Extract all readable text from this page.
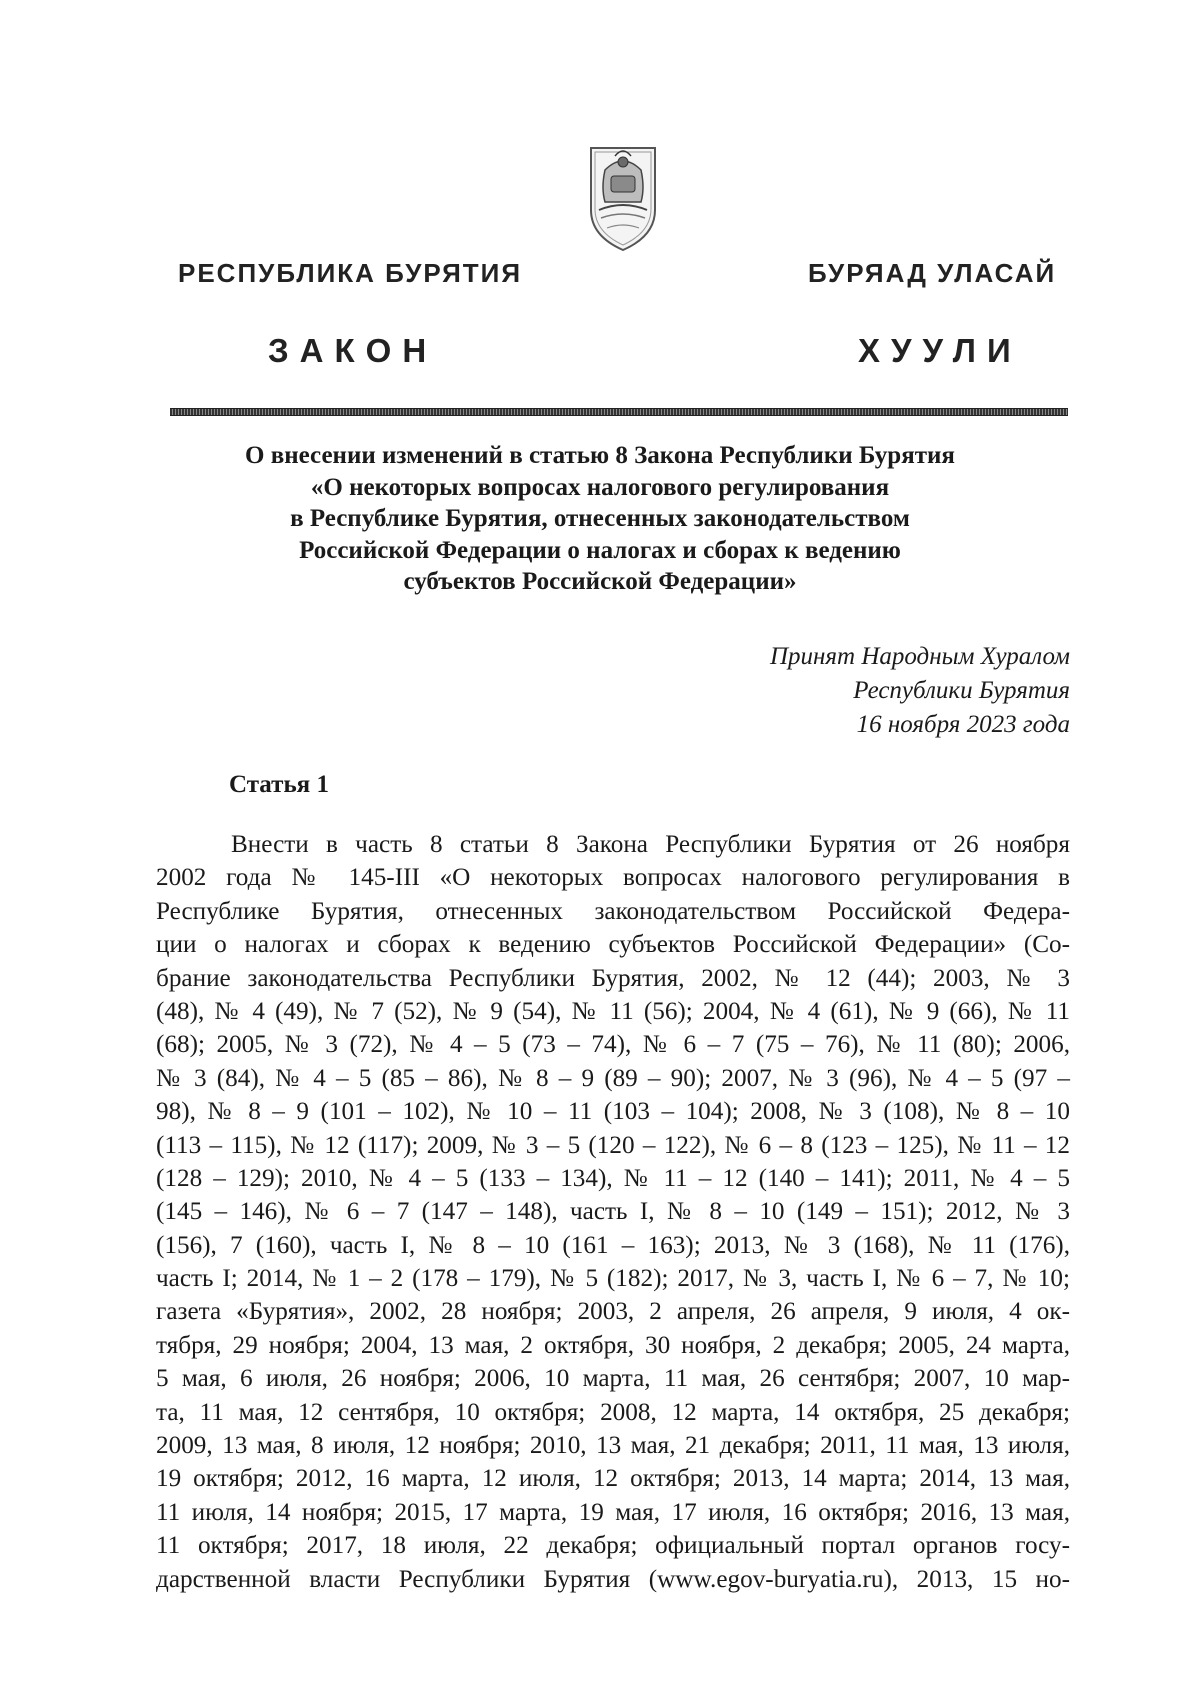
РЕСПУБЛИКА БУРЯТИЯ	БУРЯАД УЛАСАЙ
ЗАКОН	ХУУЛИ
О внесении изменений в статью 8 Закона Республики Бурятия
«О некоторых вопросах налогового регулирования
в Республике Бурятия, отнесенных законодательством
Российской Федерации о налогах и сборах к ведению
субъектов Российской Федерации»
Принят Народным Хуралом
Республики Бурятия
16 ноября 2023 года
Статья 1
Внести в часть 8 статьи 8 Закона Республики Бурятия от 26 ноября
2002 года № 145-III «О некоторых вопросах налогового регулирования в
Республике Бурятия, отнесенных законодательством Российской Федера-
ции о налогах и сборах к ведению субъектов Российской Федерации» (Со-
брание законодательства Республики Бурятия, 2002, № 12 (44); 2003, № 3
(48), № 4 (49), № 7 (52), № 9 (54), № 11 (56); 2004, № 4 (61), № 9 (66), № 11
(68); 2005, № 3 (72), № 4 – 5 (73 – 74), № 6 – 7 (75 – 76), № 11 (80); 2006,
№ 3 (84), № 4 – 5 (85 – 86), № 8 – 9 (89 – 90); 2007, № 3 (96), № 4 – 5 (97 –
98), № 8 – 9 (101 – 102), № 10 – 11 (103 – 104); 2008, № 3 (108), № 8 – 10
(113 – 115), № 12 (117); 2009, № 3 – 5 (120 – 122), № 6 – 8 (123 – 125), № 11 – 12
(128 – 129); 2010, № 4 – 5 (133 – 134), № 11 – 12 (140 – 141); 2011, № 4 – 5
(145 – 146), № 6 – 7 (147 – 148), часть I, № 8 – 10 (149 – 151); 2012, № 3
(156), 7 (160), часть I, № 8 – 10 (161 – 163); 2013, № 3 (168), № 11 (176),
часть I; 2014, № 1 – 2 (178 – 179), № 5 (182); 2017, № 3, часть I, № 6 – 7, № 10;
газета «Бурятия», 2002, 28 ноября; 2003, 2 апреля, 26 апреля, 9 июля, 4 ок-
тября, 29 ноября; 2004, 13 мая, 2 октября, 30 ноября, 2 декабря; 2005, 24 марта,
5 мая, 6 июля, 26 ноября; 2006, 10 марта, 11 мая, 26 сентября; 2007, 10 мар-
та, 11 мая, 12 сентября, 10 октября; 2008, 12 марта, 14 октября, 25 декабря;
2009, 13 мая, 8 июля, 12 ноября; 2010, 13 мая, 21 декабря; 2011, 11 мая, 13 июля,
19 октября; 2012, 16 марта, 12 июля, 12 октября; 2013, 14 марта; 2014, 13 мая,
11 июля, 14 ноября; 2015, 17 марта, 19 мая, 17 июля, 16 октября; 2016, 13 мая,
11 октября; 2017, 18 июля, 22 декабря; официальный портал органов госу-
дарственной власти Республики Бурятия (www.egov-buryatia.ru), 2013, 15 но-
